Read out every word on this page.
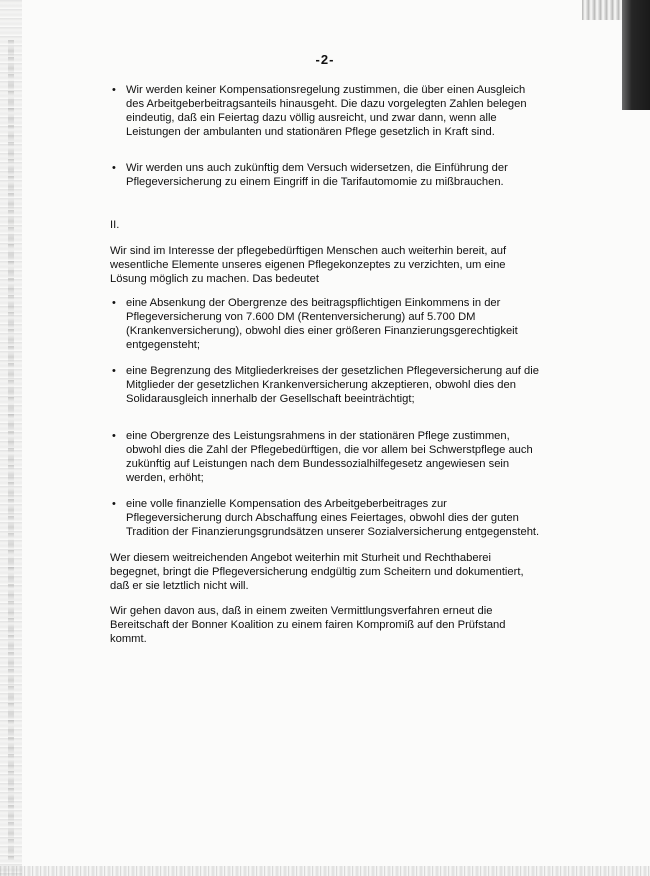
-2-
• Wir werden keiner Kompensationsregelung zustimmen, die über einen Ausgleich des Arbeitgeberbeitragsanteils hinausgeht. Die dazu vorgelegten Zahlen belegen eindeutig, daß ein Feiertag dazu völlig ausreicht, und zwar dann, wenn alle Leistungen der ambulanten und stationären Pflege gesetzlich in Kraft sind.

• Wir werden uns auch zukünftig dem Versuch widersetzen, die Einführung der Pflegeversicherung zu einem Eingriff in die Tarifautomomie zu mißbrauchen.

II.

Wir sind im Interesse der pflegebedürftigen Menschen auch weiterhin bereit, auf wesentliche Elemente unseres eigenen Pflegekonzeptes zu verzichten, um eine Lösung möglich zu machen. Das bedeutet

• eine Absenkung der Obergrenze des beitragspflichtigen Einkommens in der Pflegeversicherung von 7.600 DM (Rentenversicherung) auf 5.700 DM (Krankenversicherung), obwohl dies einer größeren Finanzierungsgerechtigkeit entgegensteht;

• eine Begrenzung des Mitgliederkreises der gesetzlichen Pflegeversicherung auf die Mitglieder der gesetzlichen Krankenversicherung akzeptieren, obwohl dies den Solidarausgleich innerhalb der Gesellschaft beeinträchtigt;

• eine Obergrenze des Leistungsrahmens in der stationären Pflege zustimmen, obwohl dies die Zahl der Pflegebedürftigen, die vor allem bei Schwerstpflege auch zukünftig auf Leistungen nach dem Bundessozialhilfegesetz angewiesen sein werden, erhöht;

• eine volle finanzielle Kompensation des Arbeitgeberbeitrages zur Pflegeversicherung durch Abschaffung eines Feiertages, obwohl dies der guten Tradition der Finanzierungsgrundsätzen unserer Sozialversicherung entgegensteht.

Wer diesem weitreichenden Angebot weiterhin mit Sturheit und Rechthaberei begegnet, bringt die Pflegeversicherung endgültig zum Scheitern und dokumentiert, daß er sie letztlich nicht will.

Wir gehen davon aus, daß in einem zweiten Vermittlungsverfahren erneut die Bereitschaft der Bonner Koalition zu einem fairen Kompromiß auf den Prüfstand kommt.
